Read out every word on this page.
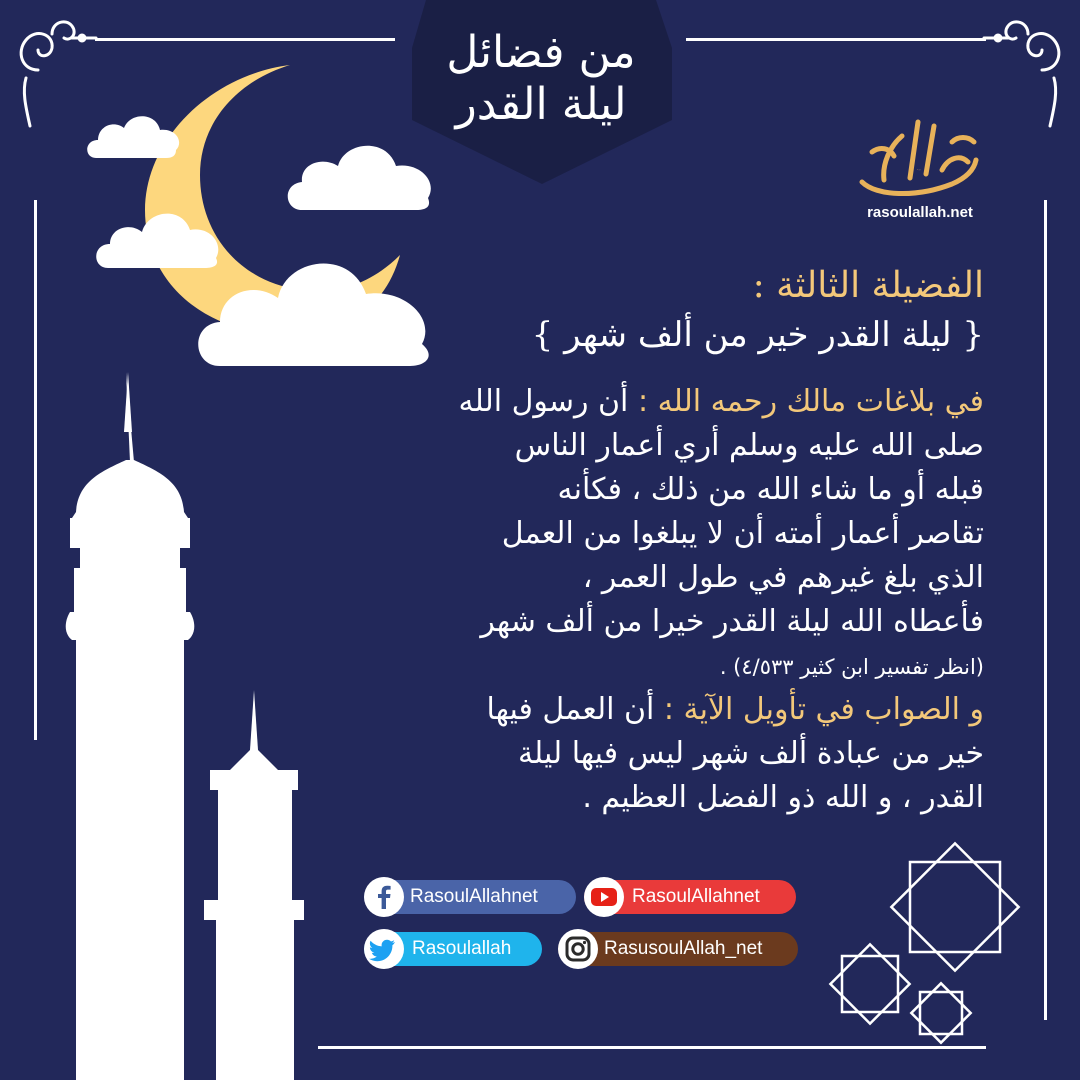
من فضائل
ليلة القدر
رسول الله
rasoulallah.net
الفضيلة الثالثة :
{ ليلة القدر خير من ألف شهر }
في بلاغات مالك رحمه الله : أن رسول الله
صلى الله عليه وسلم أري أعمار الناس
قبله أو ما شاء الله من ذلك ، فكأنه
تقاصر أعمار أمته أن لا يبلغوا من العمل
الذي بلغ غيرهم في طول العمر ،
فأعطاه الله ليلة القدر خيرا من ألف شهر
(انظر تفسير ابن كثير ٤/٥٣٣) .
و الصواب في تأويل الآية : أن العمل فيها
خير من عبادة ألف شهر ليس فيها ليلة
القدر ، و الله ذو الفضل العظيم .
RasoulAllahnet	RasoulAllahnet
Rasoulallah	RasusoulAllah_net
